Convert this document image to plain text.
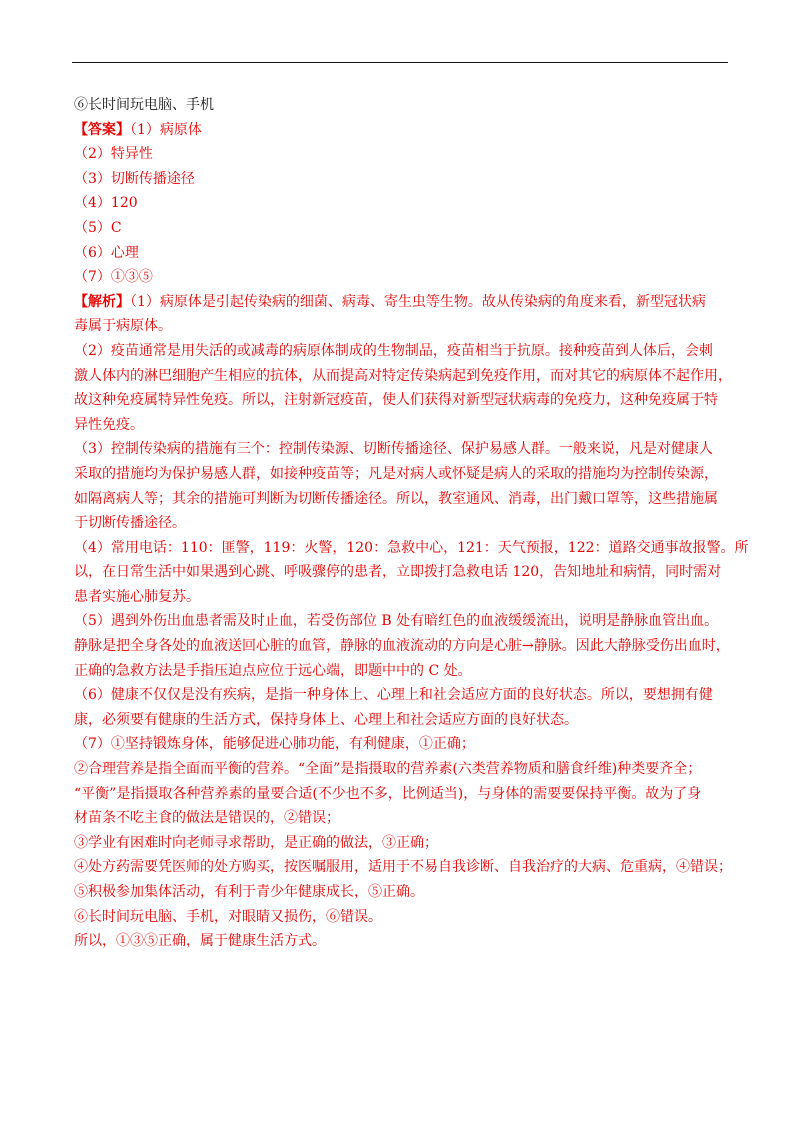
⑥长时间玩电脑、手机
【答案】（1）病原体
（2）特异性
（3）切断传播途径
（4）120
（5）C
（6）心理
（7）①③⑤
【解析】（1）病原体是引起传染病的细菌、病毒、寄生虫等生物。故从传染病的角度来看，新型冠状病
毒属于病原体。
（2）疫苗通常是用失活的或减毒的病原体制成的生物制品，疫苗相当于抗原。接种疫苗到人体后，会刺
激人体内的淋巴细胞产生相应的抗体，从而提高对特定传染病起到免疫作用，而对其它的病原体不起作用，
故这种免疫属特异性免疫。所以，注射新冠疫苗，使人们获得对新型冠状病毒的免疫力，这种免疫属于特
异性免疫。
（3）控制传染病的措施有三个：控制传染源、切断传播途径、保护易感人群。一般来说，凡是对健康人
采取的措施均为保护易感人群，如接种疫苗等；凡是对病人或怀疑是病人的采取的措施均为控制传染源，
如隔离病人等；其余的措施可判断为切断传播途径。所以，教室通风、消毒，出门戴口罩等，这些措施属
于切断传播途径。
（4）常用电话：110：匪警，119：火警，120：急救中心，121：天气预报，122：道路交通事故报警。所
以，在日常生活中如果遇到心跳、呼吸骤停的患者，立即拨打急救电话 120，告知地址和病情，同时需对
患者实施心肺复苏。
（5）遇到外伤出血患者需及时止血，若受伤部位 B 处有暗红色的血液缓缓流出，说明是静脉血管出血。
静脉是把全身各处的血液送回心脏的血管，静脉的血液流动的方向是心脏→静脉。因此大静脉受伤出血时，
正确的急救方法是手指压迫点应位于远心端，即题中中的 C 处。
（6）健康不仅仅是没有疾病，是指一种身体上、心理上和社会适应方面的良好状态。所以，要想拥有健
康，必须要有健康的生活方式，保持身体上、心理上和社会适应方面的良好状态。
（7）①坚持锻炼身体，能够促进心肺功能，有利健康，①正确；
②合理营养是指全面而平衡的营养。“全面”是指摄取的营养素(六类营养物质和膳食纤维)种类要齐全；
“平衡”是指摄取各种营养素的量要合适(不少也不多，比例适当)，与身体的需要要保持平衡。故为了身
材苗条不吃主食的做法是错误的，②错误；
③学业有困难时向老师寻求帮助，是正确的做法，③正确；
④处方药需要凭医师的处方购买，按医嘱服用，适用于不易自我诊断、自我治疗的大病、危重病，④错误；
⑤积极参加集体活动，有利于青少年健康成长，⑤正确。
⑥长时间玩电脑、手机，对眼睛又损伤，⑥错误。
所以，①③⑤正确，属于健康生活方式。
